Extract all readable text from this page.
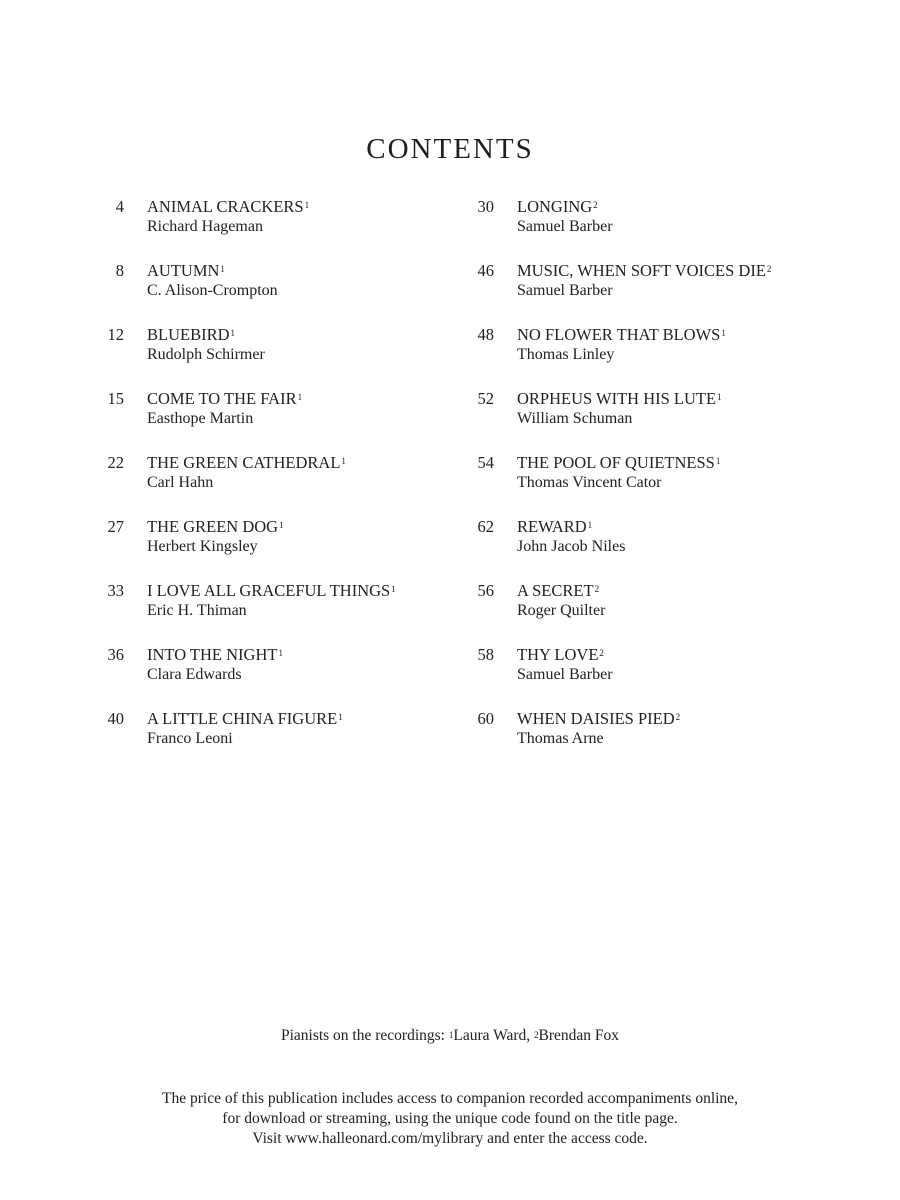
CONTENTS
4 ANIMAL CRACKERS$^1$
Richard Hageman
8 AUTUMN$^1$
C. Alison-Crompton
12 BLUEBIRD$^1$
Rudolph Schirmer
15 COME TO THE FAIR$^1$
Easthope Martin
22 THE GREEN CATHEDRAL$^1$
Carl Hahn
27 THE GREEN DOG$^1$
Herbert Kingsley
33 I LOVE ALL GRACEFUL THINGS$^1$
Eric H. Thiman
36 INTO THE NIGHT$^1$
Clara Edwards
40 A LITTLE CHINA FIGURE$^1$
Franco Leoni
30 LONGING$^2$
Samuel Barber
46 MUSIC, WHEN SOFT VOICES DIE$^2$
Samuel Barber
48 NO FLOWER THAT BLOWS$^1$
Thomas Linley
52 ORPHEUS WITH HIS LUTE$^1$
William Schuman
54 THE POOL OF QUIETNESS$^1$
Thomas Vincent Cator
62 REWARD$^1$
John Jacob Niles
56 A SECRET$^2$
Roger Quilter
58 THY LOVE$^2$
Samuel Barber
60 WHEN DAISIES PIED$^2$
Thomas Arne
Pianists on the recordings: $^1$Laura Ward, $^2$Brendan Fox
The price of this publication includes access to companion recorded accompaniments online,
for download or streaming, using the unique code found on the title page.
Visit www.halleonard.com/mylibrary and enter the access code.
